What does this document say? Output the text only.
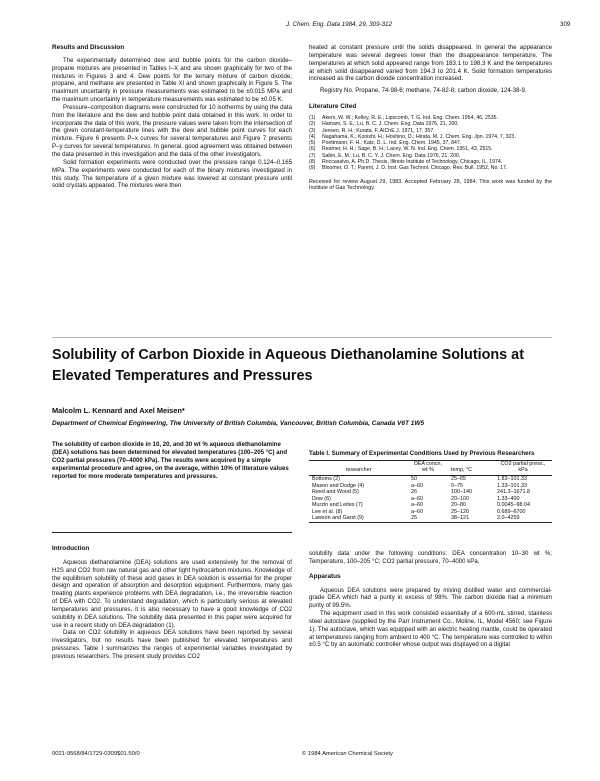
J. Chem. Eng. Data 1984, 29, 309-312	309

Results and Discussion

The experimentally determined dew and bubble points for the carbon dioxide–propane mixtures are presented in Tables I–X and are shown graphically for two of the mixtures in Figures 3 and 4. Dew points for the ternary mixture of carbon dioxide, propane, and methane are presented in Table XI and shown graphically in Figure 5. The maximum uncertainty in pressure measurements was estimated to be ±0.015 MPa and the maximum uncertainty in temperature measurements was estimated to be ±0.05 K.

Pressure–composition diagrams were constructed for 10 isotherms by using the data from the literature and the dew and bubble point data obtained in this work. In order to incorporate the data of this work, the pressure values were taken from the intersection of the given constant-temperature lines with the dew and bubble point curves for each mixture. Figure 6 presents P–x curves for several temperatures and Figure 7 presents P–y curves for several temperatures. In general, good agreement was obtained between the data presented in this investigation and the data of the other investigators.

Solid formation experiments were conducted over the pressure range 0.124–0.165 MPa. The experiments were conducted for each of the binary mixtures investigated in this study. The temperature of a given mixture was lowered at constant pressure until solid crystals appeared. The mixtures were then

heated at constant pressure until the solids disappeared. In general the appearance temperature was several degrees lower than the disappearance temperature. The temperatures at which solid appeared range from 183.1 to 198.3 K and the temperatures at which solid disappeared varied from 194.3 to 201.4 K. Solid formation temperatures increased as the carbon dioxide concentration increased.

Registry No. Propane, 74-98-6; methane, 74-82-8; carbon dioxide, 124-38-9.

Literature Cited

(1)	Akers, W. W.; Kelley, R. E.; Lipscomb, T. G. Ind. Eng. Chem. 1954, 46, 2535.
(2)	Hamam, S. E.; Lu, B. C. J. Chem. Eng. Data 1976, 21, 200.
(3)	Jensen, R. H.; Kurata, F. AIChE J. 1971, 17, 357.
(4)	Nagahama, K.; Konishi, H.; Hoshino, D.; Hirata, M. J. Chem. Eng. Jpn. 1974, 7, 323.
(5)	Poettmann, F. H.; Katz, D. L. Ind. Eng. Chem. 1945, 37, 847.
(6)	Reamer, H. H.; Sage, B. H.; Lacey, W. N. Ind. Eng. Chem. 1951, 43, 2515.
(7)	Sabin, E. M.; Lu, B. C. Y. J. Chem. Eng. Data 1976, 21, 200.
(8)	Roccasalvo, A. Ph.D. Thesis, Illinois Institute of Technology, Chicago, IL, 1974.
(9)	Bloomer, O. T.; Parent, J. D. Inst. Gas Technol. Chicago, Res. Bull. 1952, No. 17.

Received for review August 29, 1983. Accepted February 28, 1984. This work was funded by the Institute of Gas Technology.

Solubility of Carbon Dioxide in Aqueous Diethanolamine Solutions at Elevated Temperatures and Pressures
Malcolm L. Kennard and Axel Meisen*
Department of Chemical Engineering, The University of British Columbia, Vancouver, British Columbia, Canada V6T 1W5
The solubility of carbon dioxide in 10, 20, and 30 wt % aqueous diethanolamine (DEA) solutions has been determined for elevated temperatures (100–205 °C) and CO2 partial pressures (70–4000 kPa). The results were acquired by a simple experimental procedure and agree, on the average, within 10% of literature values reported for more moderate temperatures and pressures.

Introduction

Aqueous diethanolamine (DEA) solutions are used extensively for the removal of H2S and CO2 from raw natural gas and other light hydrocarbon mixtures. Knowledge of the equilibrium solubility of these acid gases in DEA solution is essential for the proper design and operation of absorption and desorption equipment. Furthermore, many gas treating plants experience problems with DEA degradation, i.e., the irreversible reaction of DEA with CO2. To understand degradation, which is particularly serious at elevated temperatures and pressures, it is also necessary to have a good knowledge of CO2 solubility in DEA solutions. The solubility data presented in this paper were acquired for use in a recent study on DEA degradation (1).

Data on CO2 solubility in aqueous DEA solutions have been reported by several investigators, but no results have been published for elevated temperatures and pressures. Table I summarizes the ranges of experimental variables investigated by previous researchers. The present study provides CO2

Table I. Summary of Experimental Conditions Used by Previous Researchers
researcher	DEA concn, wt %	temp, °C	CO2 partial press., kPa

Bottoms (2)	50	25–65	1.83–101.33
Mason and Dodge (4)	a–60	0–75	1.33–101.33
Reed and Wood (5)	26	100–140	241.3–1671.8
Dow (6)	a–60	20–100	1.33–400
Murzin and Leites (7)	a–60	20–80	0.0045–98.04
Lee et al. (8)	a–60	25–120	0.689–6700
Lawson and Garst (9)	25	38–121	2.0–4259

solubility data under the following conditions: DEA concentration 10–30 wt %; Temperature, 100–205 °C; CO2 partial pressure, 70–4000 kPa.

Apparatus

Aqueous DEA solutions were prepared by mixing distilled water and commercial-grade DEA which had a purity in excess of 98%. The carbon dioxide had a minimum purity of 99.5%.

The equipment used in this work consisted essentially of a 600-mL stirred, stainless steel autoclave (supplied by the Parr Instrument Co., Moline, IL, Model 4560; see Figure 1). The autoclave, which was equipped with an electric heating mantle, could be operated at temperatures ranging from ambient to 400 °C. The temperature was controlled to within ±0.5 °C by an automatic controller whose output was displayed on a digital

0021-9568/84/1729-0309$01.50/0	© 1984 American Chemical Society
